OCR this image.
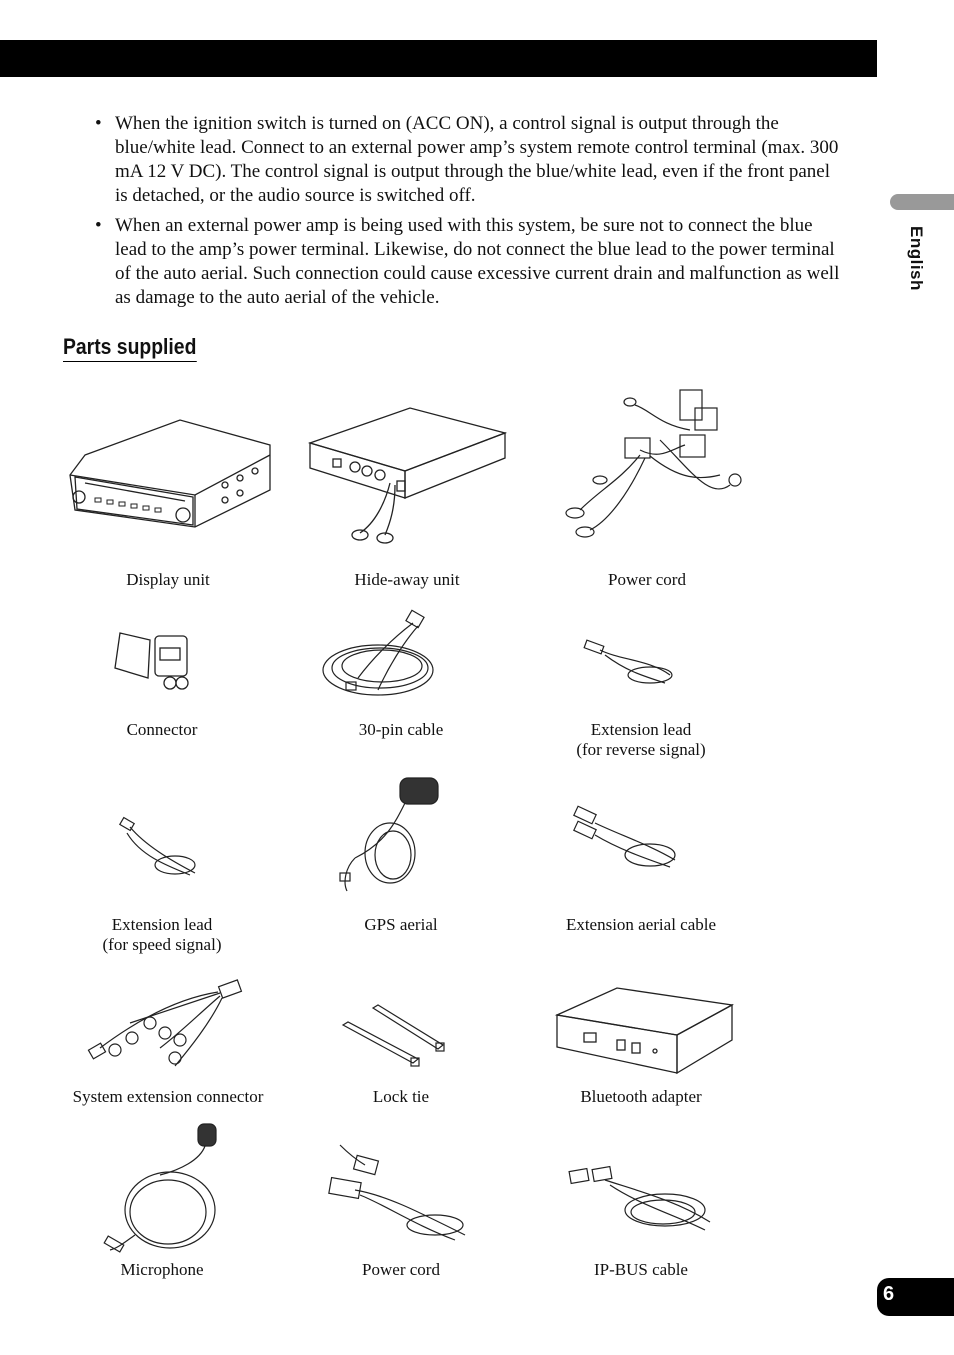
English
• When the ignition switch is turned on (ACC ON), a control signal is output through the blue/white lead. Connect to an external power amp’s system remote control terminal (max. 300 mA 12 V DC). The control signal is output through the blue/white lead, even if the front panel is detached, or the audio source is switched off.
• When an external power amp is being used with this system, be sure not to connect the blue lead to the amp’s power terminal. Likewise, do not connect the blue lead to the power terminal of the auto aerial. Such connection could cause excessive current drain and malfunction as well as damage to the auto aerial of the vehicle.
Parts supplied
Display unit	Hide-away unit	Power cord
Connector	30-pin cable	Extension lead
(for reverse signal)
Extension lead
(for speed signal)
GPS aerial	Extension aerial cable
System extension connector	Lock tie	Bluetooth adapter
Microphone	Power cord	IP-BUS cable
6
